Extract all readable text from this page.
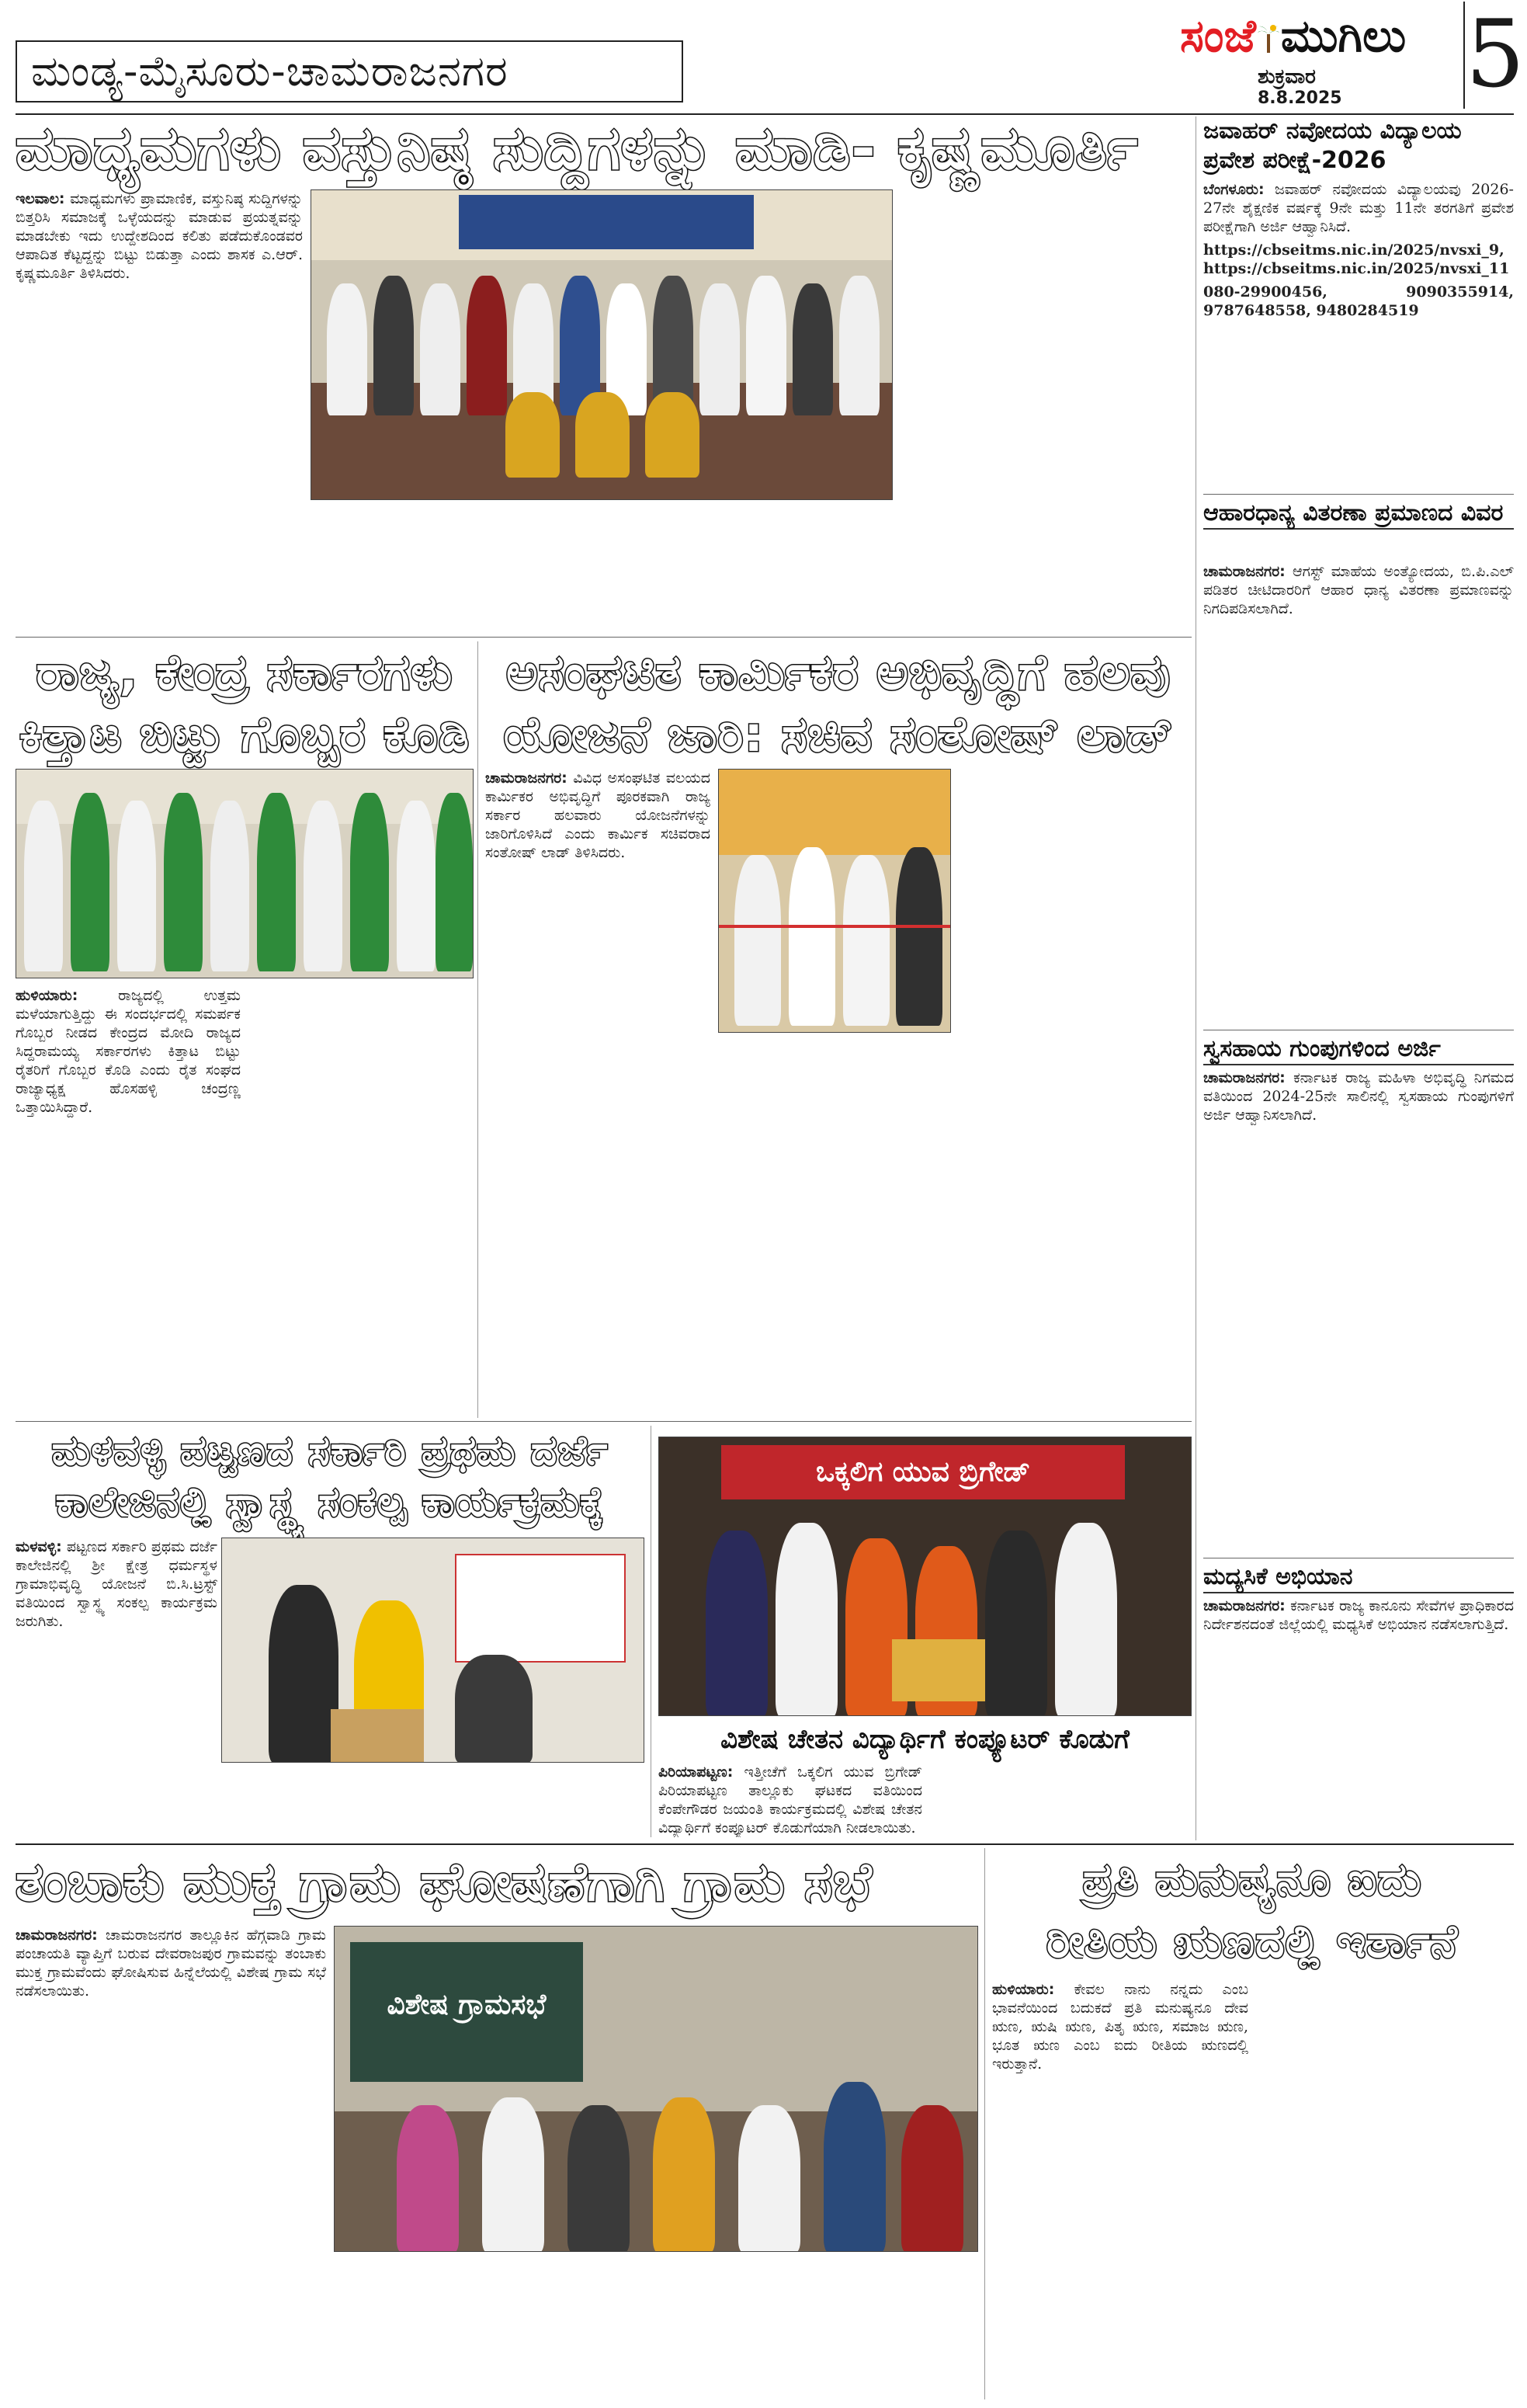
ಮಂಡ್ಯ-ಮೈಸೂರು-ಚಾಮರಾಜನಗರ
ಸಂಜೆ ಮುಗಿಲು
ಶುಕ್ರವಾರ
8.8.2025 5
ಮಾಧ್ಯಮಗಳು ವಸ್ತುನಿಷ್ಠ ಸುದ್ದಿಗಳನ್ನು ಮಾಡಿ- ಕೃಷ್ಣಮೂರ್ತಿ
ಇಲವಾಲ: ಮಾಧ್ಯಮಗಳು ಪ್ರಾಮಾಣಿಕ, ವಸ್ತುನಿಷ್ಠ ಸುದ್ದಿಗಳನ್ನು ಬಿತ್ತರಿಸಿ ಸಮಾಜಕ್ಕೆ ಒಳ್ಳೆಯದನ್ನು ಮಾಡುವ ಪ್ರಯತ್ನವನ್ನು ಮಾಡಬೇಕು ಇದು ಉದ್ದೇಶದಿಂದ ಕಲಿತು ಪಡೆದುಕೊಂಡವರ ಆಪಾದಿತ ಕೆಟ್ಟದ್ದನ್ನು ಬಿಟ್ಟು ಬಿಡುತ್ತಾ ಎಂದು ಶಾಸಕ ಎ.ಆರ್. ಕೃಷ್ಣಮೂರ್ತಿ ತಿಳಿಸಿದರು.
ರಾಜ್ಯ, ಕೇಂದ್ರ ಸರ್ಕಾರಗಳು
ಕಿತ್ತಾಟ ಬಿಟ್ಟು ಗೊಬ್ಬರ ಕೊಡಿ
ಹುಳಿಯಾರು:	ರಾಜ್ಯದಲ್ಲಿ ಉತ್ತಮ ಮಳೆಯಾಗುತ್ತಿದ್ದು ಈ ಸಂದರ್ಭದಲ್ಲಿ ಸಮರ್ಪಕ ಗೊಬ್ಬರ ನೀಡದ ಕೇಂದ್ರದ ಮೋದಿ ರಾಜ್ಯದ ಸಿದ್ದರಾಮಯ್ಯ ಸರ್ಕಾರಗಳು ಕಿತ್ತಾಟ ಬಿಟ್ಟು ರೈತರಿಗೆ ಗೊಬ್ಬರ ಕೊಡಿ ಎಂದು ರೈತ ಸಂಘದ ರಾಜ್ಯಾಧ್ಯಕ್ಷ ಹೊಸಹಳ್ಳಿ ಚಂದ್ರಣ್ಣ ಒತ್ತಾಯಿಸಿದ್ದಾರೆ.
ಅಸಂಘಟಿತ ಕಾರ್ಮಿಕರ ಅಭಿವೃದ್ಧಿಗೆ ಹಲವು
ಯೋಜನೆ ಜಾರಿ: ಸಚಿವ ಸಂತೋಷ್ ಲಾಡ್
ಚಾಮರಾಜನಗರ: ವಿವಿಧ ಅಸಂಘಟಿತ ವಲಯದ ಕಾರ್ಮಿಕರ ಅಭಿವೃದ್ಧಿಗೆ ಪೂರಕವಾಗಿ ರಾಜ್ಯ ಸರ್ಕಾರ ಹಲವಾರು ಯೋಜನೆಗಳನ್ನು ಜಾರಿಗೊಳಿಸಿದೆ ಎಂದು ಕಾರ್ಮಿಕ ಸಚಿವರಾದ ಸಂತೋಷ್ ಲಾಡ್ ತಿಳಿಸಿದರು.
ಮಳವಳ್ಳಿ ಪಟ್ಟಣದ ಸರ್ಕಾರಿ ಪ್ರಥಮ ದರ್ಜೆ
ಕಾಲೇಜಿನಲ್ಲಿ ಸ್ವಾಸ್ಥ್ಯ ಸಂಕಲ್ಪ ಕಾರ್ಯಕ್ರಮಕ್ಕೆ
ಮಳವಳ್ಳಿ: ಪಟ್ಟಣದ ಸರ್ಕಾರಿ ಪ್ರಥಮ ದರ್ಜೆ ಕಾಲೇಜಿನಲ್ಲಿ ಶ್ರೀ ಕ್ಷೇತ್ರ ಧರ್ಮಸ್ಥಳ ಗ್ರಾಮಾಭಿವೃದ್ಧಿ ಯೋಜನೆ ಬಿ.ಸಿ.ಟ್ರಸ್ಟ್ ವತಿಯಿಂದ ಸ್ವಾಸ್ಥ್ಯ ಸಂಕಲ್ಪ ಕಾರ್ಯಕ್ರಮ ಜರುಗಿತು.
ಒಕ್ಕಲಿಗ ಯುವ ಬ್ರಿಗೇಡ್
ವಿಶೇಷ ಚೇತನ ವಿದ್ಯಾರ್ಥಿಗೆ ಕಂಪ್ಯೂಟರ್ ಕೊಡುಗೆ
ಪಿರಿಯಾಪಟ್ಟಣ: ಇತ್ತೀಚೆಗೆ ಒಕ್ಕಲಿಗ ಯುವ ಬ್ರಿಗೇಡ್ ಪಿರಿಯಾಪಟ್ಟಣ ತಾಲ್ಲೂಕು ಘಟಕದ ವತಿಯಿಂದ ಕೆಂಪೇಗೌಡರ ಜಯಂತಿ ಕಾರ್ಯಕ್ರಮದಲ್ಲಿ ವಿಶೇಷ ಚೇತನ ವಿದ್ಯಾರ್ಥಿಗೆ ಕಂಪ್ಯೂಟರ್ ಕೊಡುಗೆಯಾಗಿ ನೀಡಲಾಯಿತು.
ಜವಾಹರ್ ನವೋದಯ ವಿದ್ಯಾಲಯ ಪ್ರವೇಶ ಪರೀಕ್ಷೆ-2026
ಬೆಂಗಳೂರು: ಜವಾಹರ್ ನವೋದಯ ವಿದ್ಯಾಲಯವು 2026-27ನೇ ಶೈಕ್ಷಣಿಕ ವರ್ಷಕ್ಕೆ 9ನೇ ಮತ್ತು 11ನೇ ತರಗತಿಗೆ ಪ್ರವೇಶ ಪರೀಕ್ಷೆಗಾಗಿ ಅರ್ಜಿ ಆಹ್ವಾನಿಸಿದೆ.
https://cbseitms.nic.in/2025/nvsxi_9, https://cbseitms.nic.in/2025/nvsxi_11
080-29900456, 9090355914, 9787648558, 9480284519
ಆಹಾರಧಾನ್ಯ ವಿತರಣಾ ಪ್ರಮಾಣದ ವಿವರ
ಚಾಮರಾಜನಗರ: ಆಗಸ್ಟ್ ಮಾಹೆಯ ಅಂತ್ಯೋದಯ, ಬಿ.ಪಿ.ಎಲ್ ಪಡಿತರ ಚೀಟಿದಾರರಿಗೆ ಆಹಾರ ಧಾನ್ಯ ವಿತರಣಾ ಪ್ರಮಾಣವನ್ನು ನಿಗದಿಪಡಿಸಲಾಗಿದೆ.
ಸ್ವಸಹಾಯ ಗುಂಪುಗಳಿಂದ ಅರ್ಜಿ
ಚಾಮರಾಜನಗರ: ಕರ್ನಾಟಕ ರಾಜ್ಯ ಮಹಿಳಾ ಅಭಿವೃದ್ಧಿ ನಿಗಮದ ವತಿಯಿಂದ 2024-25ನೇ ಸಾಲಿನಲ್ಲಿ ಸ್ವಸಹಾಯ ಗುಂಪುಗಳಿಗೆ ಅರ್ಜಿ ಆಹ್ವಾನಿಸಲಾಗಿದೆ.
ಮದ್ಯಸಿಕೆ ಅಭಿಯಾನ
ಚಾಮರಾಜನಗರ: ಕರ್ನಾಟಕ ರಾಜ್ಯ ಕಾನೂನು ಸೇವೆಗಳ ಪ್ರಾಧಿಕಾರದ ನಿರ್ದೇಶನದಂತೆ ಜಿಲ್ಲೆಯಲ್ಲಿ ಮಧ್ಯಸಿಕೆ ಅಭಿಯಾನ ನಡೆಸಲಾಗುತ್ತಿದೆ.
ತಂಬಾಕು ಮುಕ್ತ ಗ್ರಾಮ ಘೋಷಣೆಗಾಗಿ ಗ್ರಾಮ ಸಭೆ
ಚಾಮರಾಜನಗರ: ಚಾಮರಾಜನಗರ ತಾಲ್ಲೂಕಿನ ಹೆಗ್ಗವಾಡಿ ಗ್ರಾಮ ಪಂಚಾಯತಿ ವ್ಯಾಪ್ತಿಗೆ ಬರುವ ದೇವರಾಜಪುರ ಗ್ರಾಮವನ್ನು ತಂಬಾಕು ಮುಕ್ತ ಗ್ರಾಮವೆಂದು ಘೋಷಿಸುವ ಹಿನ್ನೆಲೆಯಲ್ಲಿ ವಿಶೇಷ ಗ್ರಾಮ ಸಭೆ ನಡೆಸಲಾಯಿತು.	ವಿಶೇಷ ಗ್ರಾಮಸಭೆ
ಪ್ರತಿ ಮನುಷ್ಯನೂ ಐದು
ರೀತಿಯ ಋಣದಲ್ಲಿ ಇರ್ತಾನೆ
ಹುಳಿಯಾರು: ಕೇವಲ ನಾನು ನನ್ನದು ಎಂಬ ಭಾವನೆಯಿಂದ ಬದುಕದೆ ಪ್ರತಿ ಮನುಷ್ಯನೂ ದೇವ ಋಣ, ಋಷಿ ಋಣ, ಪಿತೃ ಋಣ, ಸಮಾಜ ಋಣ, ಭೂತ ಋಣ ಎಂಬ ಐದು ರೀತಿಯ ಋಣದಲ್ಲಿ ಇರುತ್ತಾನೆ.
